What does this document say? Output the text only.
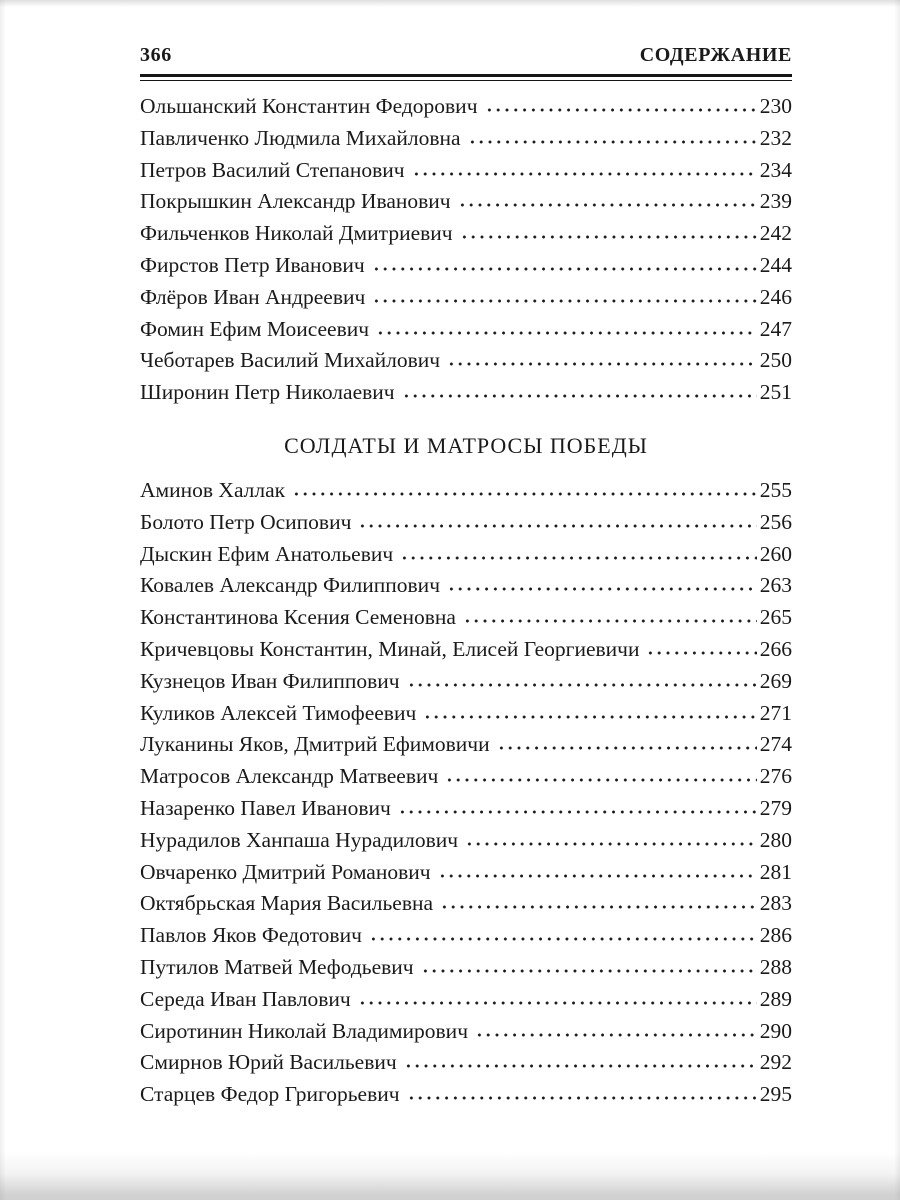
366	СОДЕРЖАНИЕ
Ольшанский Константин Федорович	230
Павличенко Людмила Михайловна	232
Петров Василий Степанович	234
Покрышкин Александр Иванович	239
Фильченков Николай Дмитриевич	242
Фирстов Петр Иванович	244
Флёров Иван Андреевич	246
Фомин Ефим Моисеевич	247
Чеботарев Василий Михайлович	250
Широнин Петр Николаевич	251
СОЛДАТЫ И МАТРОСЫ ПОБЕДЫ
Аминов Халлак	255
Болото Петр Осипович	256
Дыскин Ефим Анатольевич	260
Ковалев Александр Филиппович	263
Константинова Ксения Семеновна	265
Кричевцовы Константин, Минай, Елисей Георгиевичи	266
Кузнецов Иван Филиппович	269
Куликов Алексей Тимофеевич	271
Луканины Яков, Дмитрий Ефимовичи	274
Матросов Александр Матвеевич	276
Назаренко Павел Иванович	279
Нурадилов Ханпаша Нурадилович	280
Овчаренко Дмитрий Романович	281
Октябрьская Мария Васильевна	283
Павлов Яков Федотович	286
Путилов Матвей Мефодьевич	288
Середа Иван Павлович	289
Сиротинин Николай Владимирович	290
Смирнов Юрий Васильевич	292
Старцев Федор Григорьевич	295
